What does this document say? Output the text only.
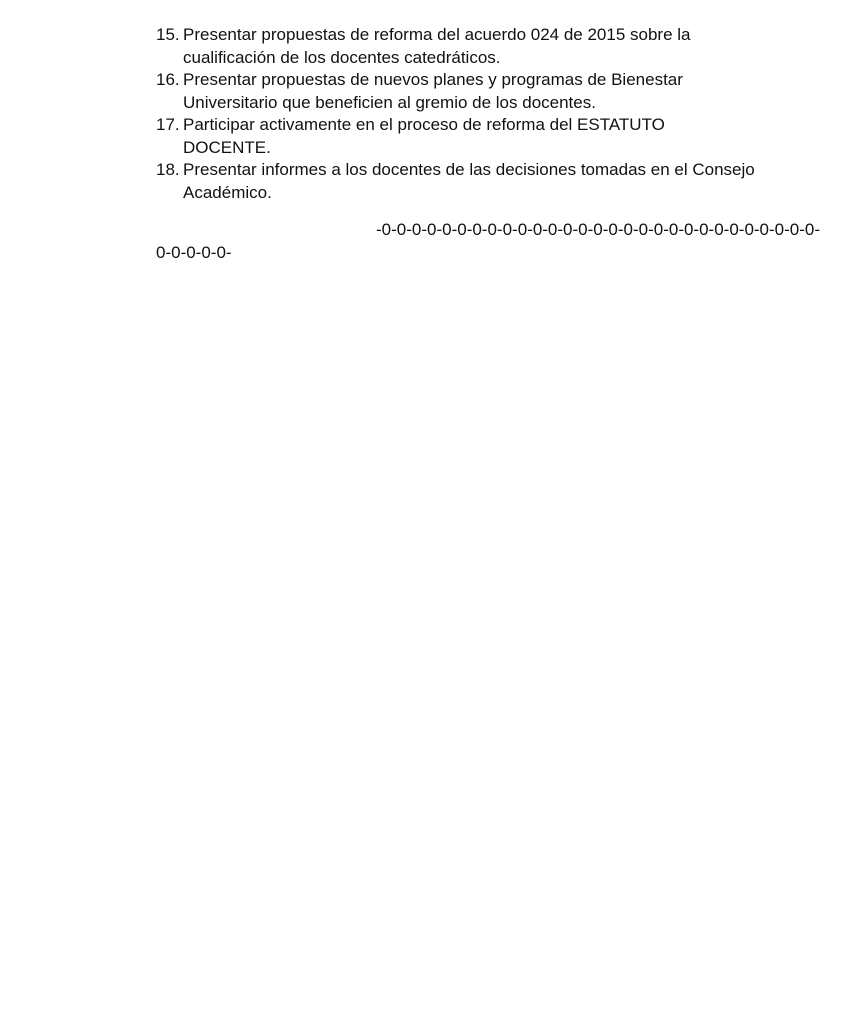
15. Presentar propuestas de reforma del acuerdo 024 de 2015 sobre la cualificación de los docentes catedráticos.
16. Presentar propuestas de nuevos planes y programas de Bienestar Universitario que beneficien al gremio de los docentes.
17. Participar activamente en el proceso de reforma del ESTATUTO DOCENTE.
18. Presentar informes a los docentes de las decisiones tomadas en el Consejo Académico.
-0-0-0-0-0-0-0-0-0-0-0-0-0-0-0-0-0-0-0-0-0-0-0-0-0-0-0-0-0-
0-0-0-0-0-
